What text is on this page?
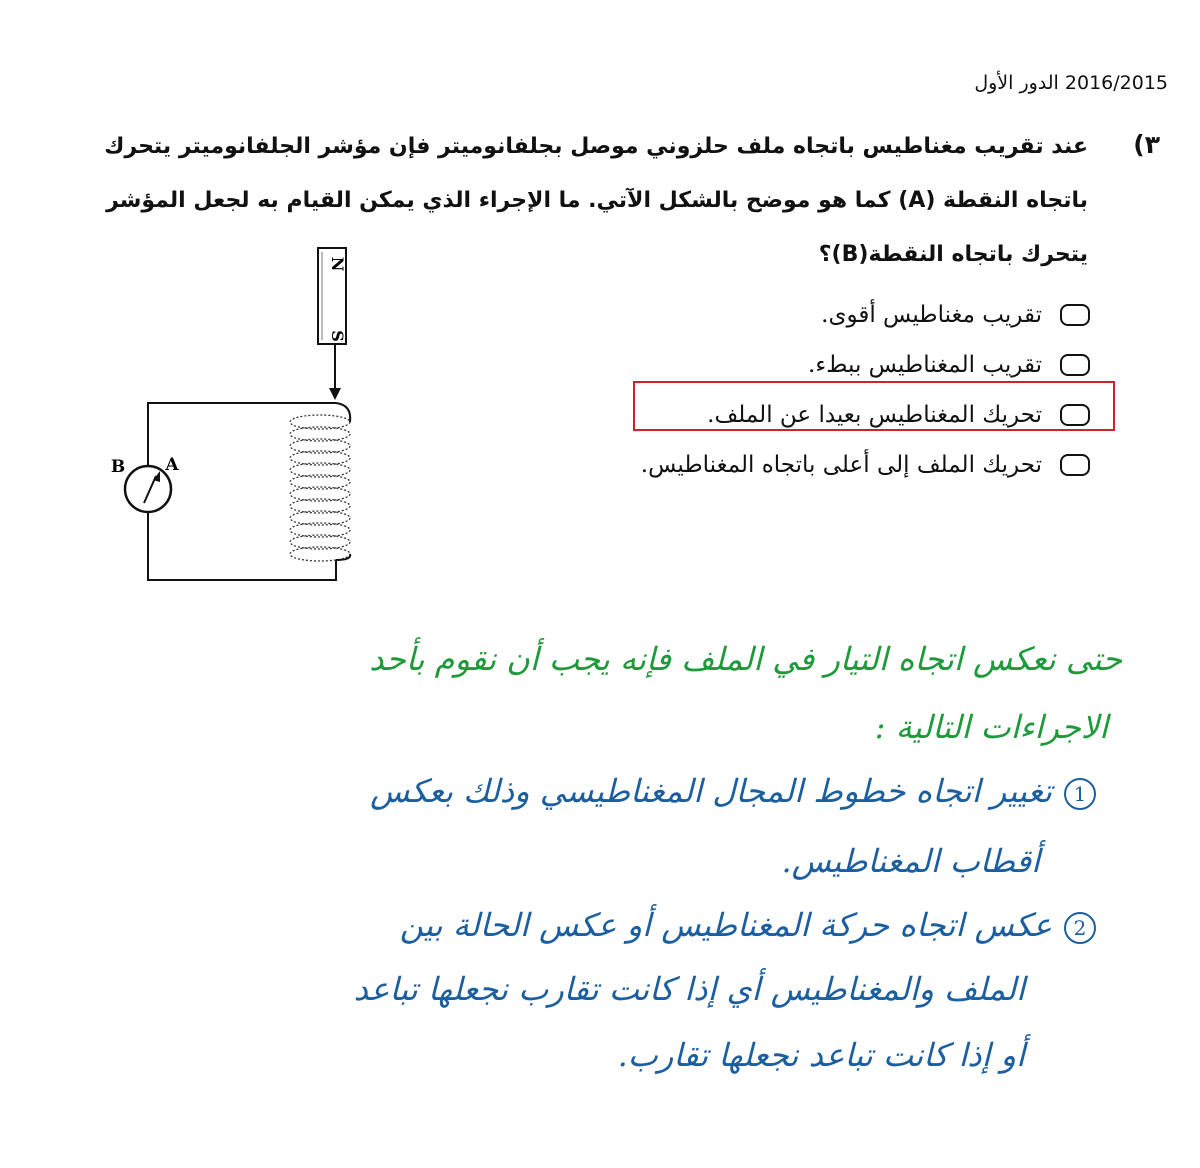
2016/2015 الدور الأول
٣)
عند تقريب مغناطيس باتجاه ملف حلزوني موصل بجلفانوميتر فإن مؤشر الجلفانوميتر يتحرك
باتجاه النقطة (A) كما هو موضح بالشكل الآتي. ما الإجراء الذي يمكن القيام به لجعل المؤشر
يتحرك باتجاه النقطة(B)؟
تقريب مغناطيس أقوى.
تقريب المغناطيس ببطء.
تحريك المغناطيس بعيدا عن الملف.
تحريك الملف إلى أعلى باتجاه المغناطيس.
N
S
B A
حتى نعكس اتجاه التيار في الملف فإنه يجب أن نقوم بأحد
الاجراءات التالية :
1تغيير اتجاه خطوط المجال المغناطيسي وذلك بعكس
أقطاب المغناطيس.
2عكس اتجاه حركة المغناطيس أو عكس الحالة بين
الملف والمغناطيس أي إذا كانت تقارب نجعلها تباعد
أو إذا كانت تباعد نجعلها تقارب.
